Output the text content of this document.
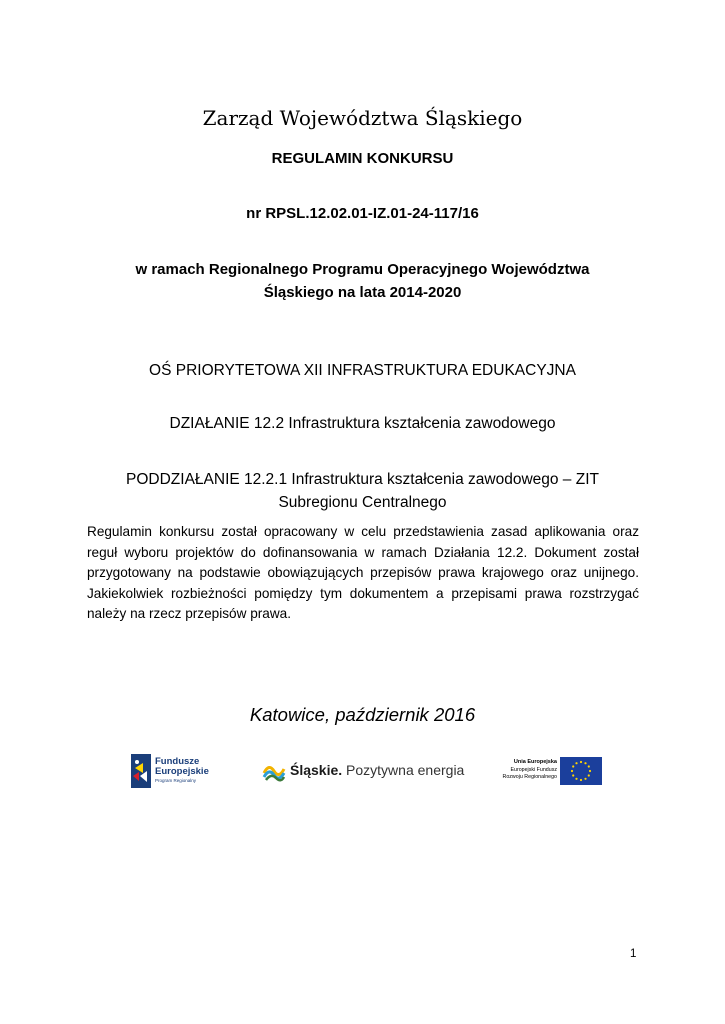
Zarząd Województwa Śląskiego
REGULAMIN KONKURSU
nr RPSL.12.02.01-IZ.01-24-117/16
w ramach Regionalnego Programu Operacyjnego Województwa
Śląskiego na lata 2014-2020
OŚ PRIORYTETOWA XII INFRASTRUKTURA EDUKACYJNA
DZIAŁANIE 12.2 Infrastruktura kształcenia zawodowego
PODDZIAŁANIE 12.2.1 Infrastruktura kształcenia zawodowego – ZIT
Subregionu Centralnego
Regulamin konkursu został opracowany w celu przedstawienia zasad aplikowania oraz reguł wyboru projektów do dofinansowania w ramach Działania 12.2. Dokument został przygotowany na podstawie obowiązujących przepisów prawa krajowego oraz unijnego. Jakiekolwiek rozbieżności pomiędzy tym dokumentem a przepisami prawa rozstrzygać należy na rzecz przepisów prawa.
Katowice, październik 2016
Fundusze
Europejskie
Program Regionalny
Śląskie. Pozytywna energia	Unia Europejska
Europejski Fundusz
Rozwoju Regionalnego
1
